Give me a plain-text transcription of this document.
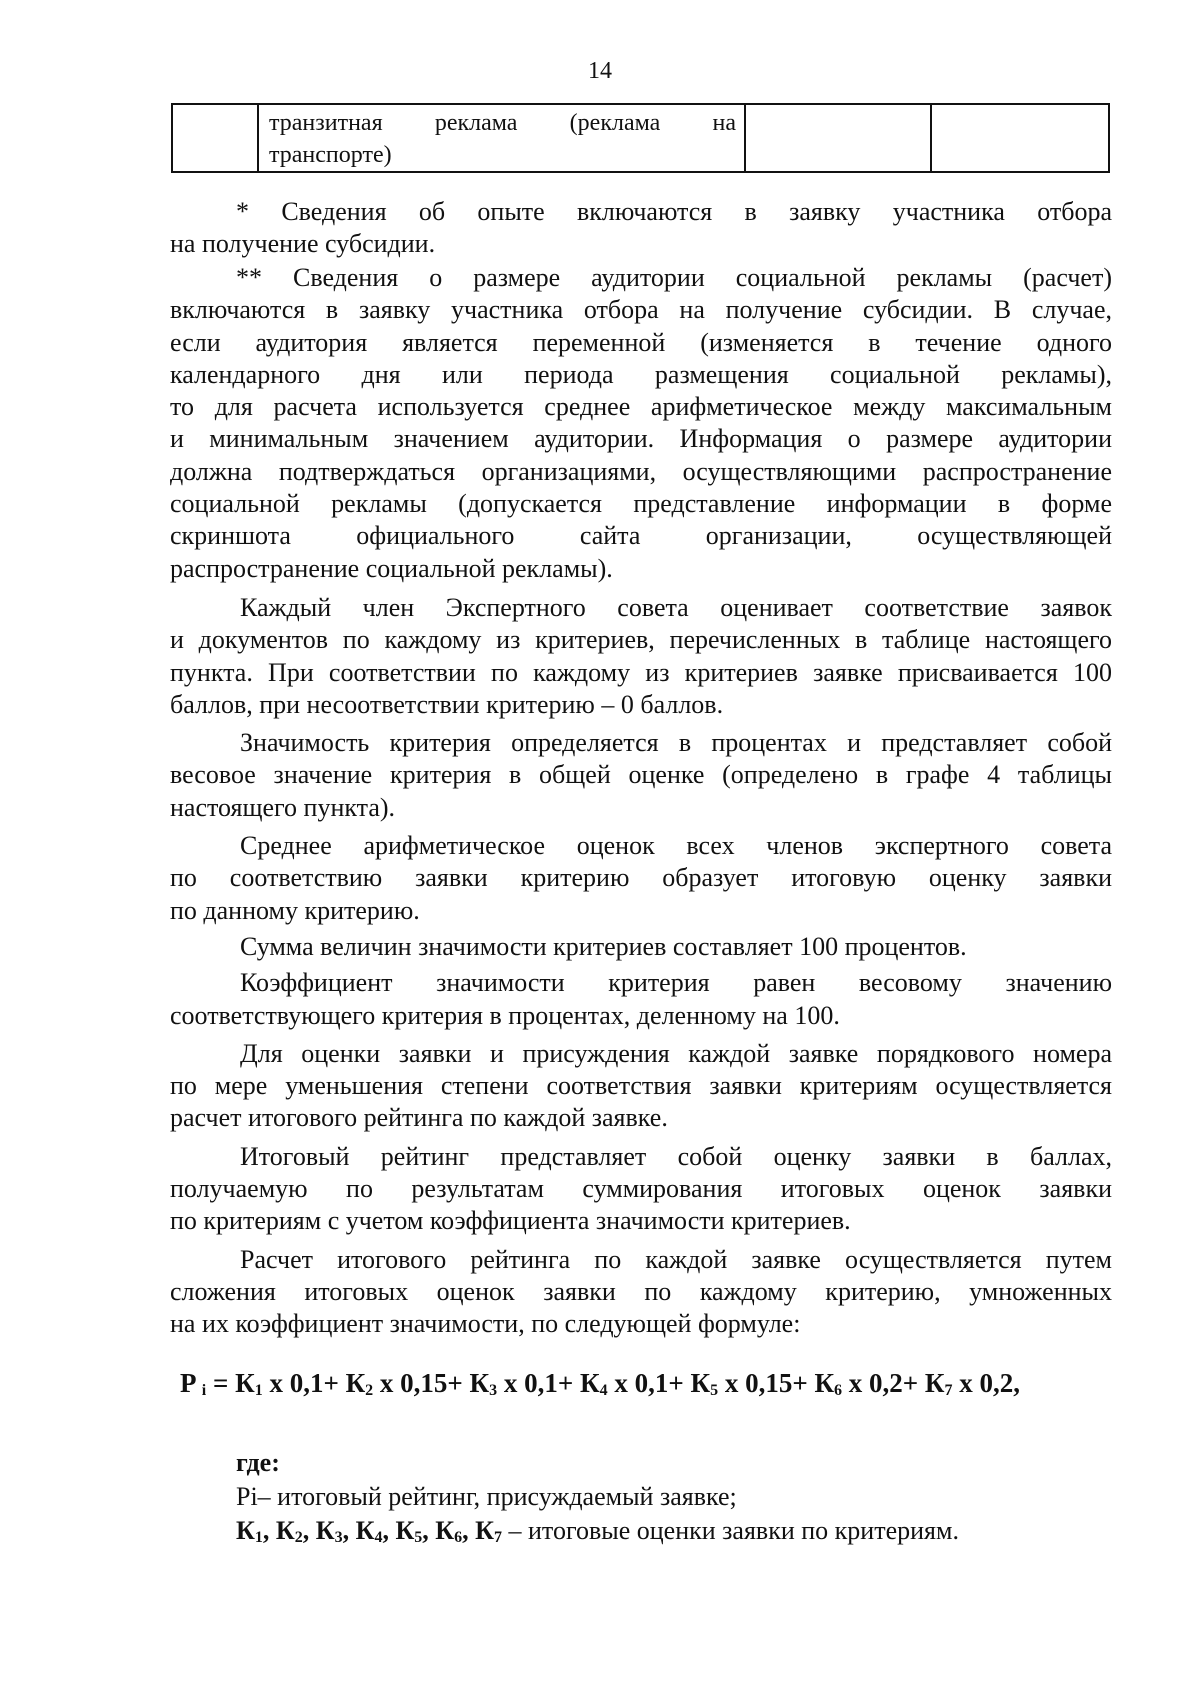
14

транзитная реклама (реклама на
транспорте)

* Сведения об опыте включаются в заявку участника отбора
на получение субсидии.

** Сведения о размере аудитории социальной рекламы (расчет)
включаются в заявку участника отбора на получение субсидии. В случае,
если аудитория является переменной (изменяется в течение одного
календарного дня или периода размещения социальной рекламы),
то для расчета используется среднее арифметическое между максимальным
и минимальным значением аудитории. Информация о размере аудитории
должна подтверждаться организациями, осуществляющими распространение
социальной рекламы (допускается представление информации в форме
скриншота официального сайта организации, осуществляющей
распространение социальной рекламы).

Каждый член Экспертного совета оценивает соответствие заявок
и документов по каждому из критериев, перечисленных в таблице настоящего
пункта. При соответствии по каждому из критериев заявке присваивается 100
баллов, при несоответствии критерию – 0 баллов.

Значимость критерия определяется в процентах и представляет собой
весовое значение критерия в общей оценке (определено в графе 4 таблицы
настоящего пункта).

Среднее арифметическое оценок всех членов экспертного совета
по соответствию заявки критерию образует итоговую оценку заявки
по данному критерию.

Сумма величин значимости критериев составляет 100 процентов.

Коэффициент значимости критерия равен весовому значению
соответствующего критерия в процентах, деленному на 100.

Для оценки заявки и присуждения каждой заявке порядкового номера
по мере уменьшения степени соответствия заявки критериям осуществляется
расчет итогового рейтинга по каждой заявке.

Итоговый рейтинг представляет собой оценку заявки в баллах,
получаемую по результатам суммирования итоговых оценок заявки
по критериям с учетом коэффициента значимости критериев.

Расчет итогового рейтинга по каждой заявке осуществляется путем
сложения итоговых оценок заявки по каждому критерию, умноженных
на их коэффициент значимости, по следующей формуле:

P $_i = К_1$ x $0,1+ К_2$ x $0,15+ К_3$ x $0,1+ К_4$ x $0,1+ К_5$ x $0,15+ К_6$ x $0,2+ К_7$ x 0,2,
где:
Pi– итоговый рейтинг, присуждаемый заявке;
$К_1$, $К_2$, $К_3$, $К_4$, $К_5$, $К_6$, $К_7$ – итоговые оценки заявки по критериям.
